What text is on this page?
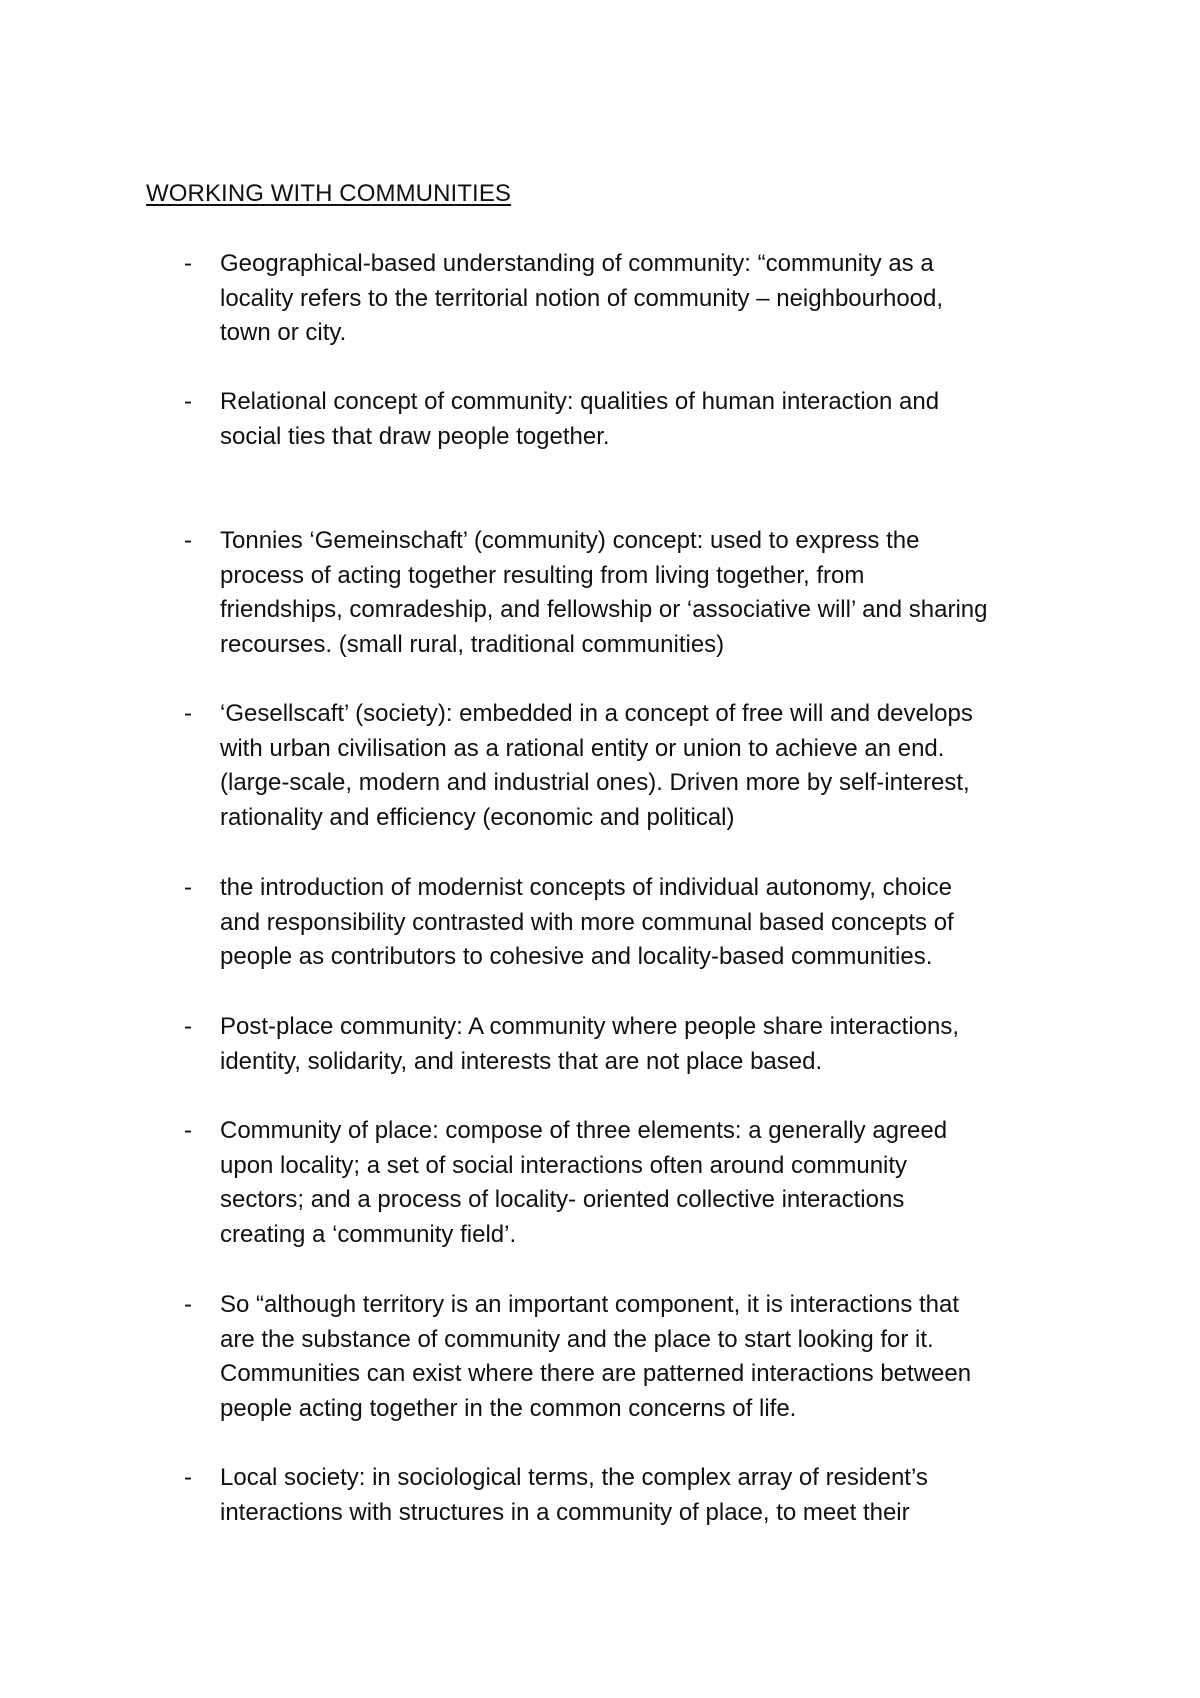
WORKING WITH COMMUNITIES
-	Geographical-based understanding of community: “community as a
locality refers to the territorial notion of community – neighbourhood,
town or city.
-	Relational concept of community: qualities of human interaction and
social ties that draw people together.
-	Tonnies ‘Gemeinschaft’ (community) concept: used to express the
process of acting together resulting from living together, from
friendships, comradeship, and fellowship or ‘associative will’ and sharing
recourses. (small rural, traditional communities)
-	‘Gesellscaft’ (society): embedded in a concept of free will and develops
with urban civilisation as a rational entity or union to achieve an end.
(large-scale, modern and industrial ones). Driven more by self-interest,
rationality and efficiency (economic and political)
-	the introduction of modernist concepts of individual autonomy, choice
and responsibility contrasted with more communal based concepts of
people as contributors to cohesive and locality-based communities.
-	Post-place community: A community where people share interactions,
identity, solidarity, and interests that are not place based.
-	Community of place: compose of three elements: a generally agreed
upon locality; a set of social interactions often around community
sectors; and a process of locality- oriented collective interactions
creating a ‘community field’.
-	So “although territory is an important component, it is interactions that
are the substance of community and the place to start looking for it.
Communities can exist where there are patterned interactions between
people acting together in the common concerns of life.
-	Local society: in sociological terms, the complex array of resident’s
interactions with structures in a community of place, to meet their
